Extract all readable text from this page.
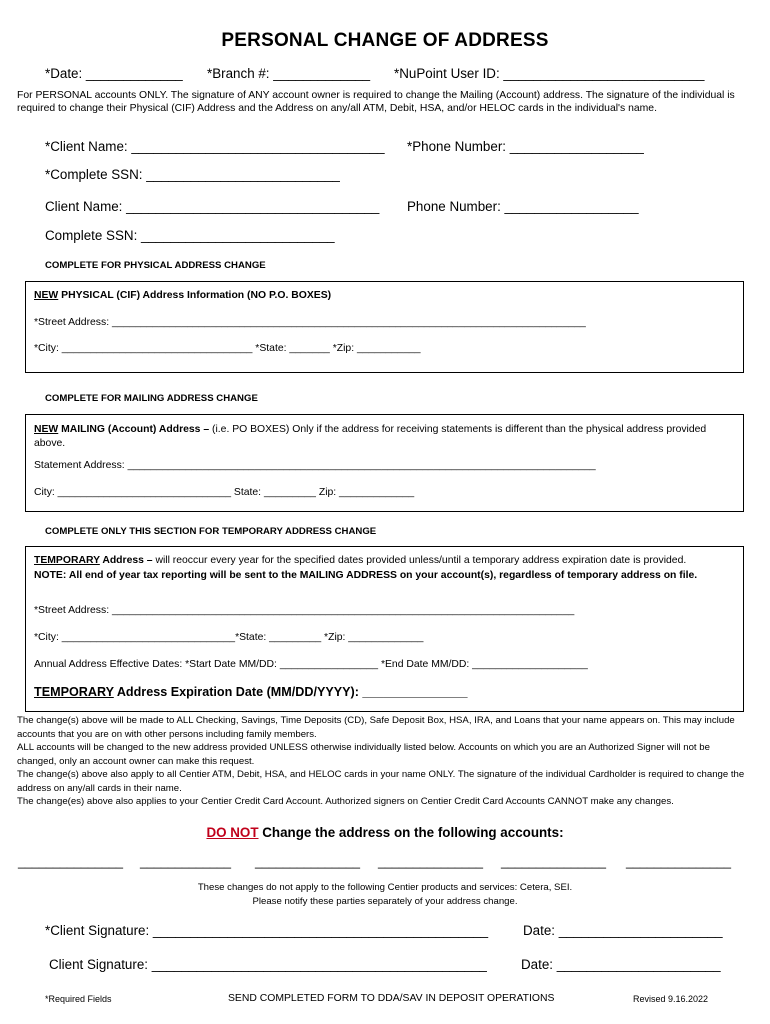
PERSONAL CHANGE OF ADDRESS
*Date: _____________ *Branch #: _____________ *NuPoint User ID: ___________________________
For PERSONAL accounts ONLY. The signature of ANY account owner is required to change the Mailing (Account) address. The signature of the individual is required to change their Physical (CIF) Address and the Address on any/all ATM, Debit, HSA, and/or HELOC cards in the individual's name.
*Client Name: __________________________________ *Phone Number: __________________
*Complete SSN: __________________________
Client Name: __________________________________ Phone Number: __________________
Complete SSN: __________________________
COMPLETE FOR PHYSICAL ADDRESS CHANGE
NEW PHYSICAL (CIF) Address Information (NO P.O. BOXES)
*Street Address: __________________________________________________________________________________
*City: _________________________________ *State: _______ *Zip: ___________
COMPLETE FOR MAILING ADDRESS CHANGE
NEW MAILING (Account) Address – (i.e. PO BOXES) Only if the address for receiving statements is different than the physical address provided above.
Statement Address: _________________________________________________________________________________
City: ______________________________ State: _________ Zip: _____________
COMPLETE ONLY THIS SECTION FOR TEMPORARY ADDRESS CHANGE
TEMPORARY Address – will reoccur every year for the specified dates provided unless/until a temporary address expiration date is provided. NOTE: All end of year tax reporting will be sent to the MAILING ADDRESS on your account(s), regardless of temporary address on file.
*Street Address: ________________________________________________________________________________
*City: ______________________________*State: _________ *Zip: _____________
Annual Address Effective Dates: *Start Date MM/DD: _________________ *End Date MM/DD: ____________________
TEMPORARY Address Expiration Date (MM/DD/YYYY): _______________
The change(s) above will be made to ALL Checking, Savings, Time Deposits (CD), Safe Deposit Box, HSA, IRA, and Loans that your name appears on. This may include accounts that you are on with other persons including family members.
ALL accounts will be changed to the new address provided UNLESS otherwise individually listed below. Accounts on which you are an Authorized Signer will not be changed, only an account owner can make this request.
The change(s) above also apply to all Centier ATM, Debit, HSA, and HELOC cards in your name ONLY. The signature of the individual Cardholder is required to change the address on any/all cards in their name.
The change(es) above also applies to your Centier Credit Card Account. Authorized signers on Centier Credit Card Accounts CANNOT make any changes.
DO NOT Change the address on the following accounts:
_______________ _____________ _______________ _______________ _______________ _______________
These changes do not apply to the following Centier products and services: Cetera, SEI.
Please notify these parties separately of your address change.
*Client Signature: _____________________________________________	Date: ______________________
Client Signature: _____________________________________________	Date: ______________________
*Required Fields	SEND COMPLETED FORM TO DDA/SAV IN DEPOSIT OPERATIONS	Revised 9.16.2022
